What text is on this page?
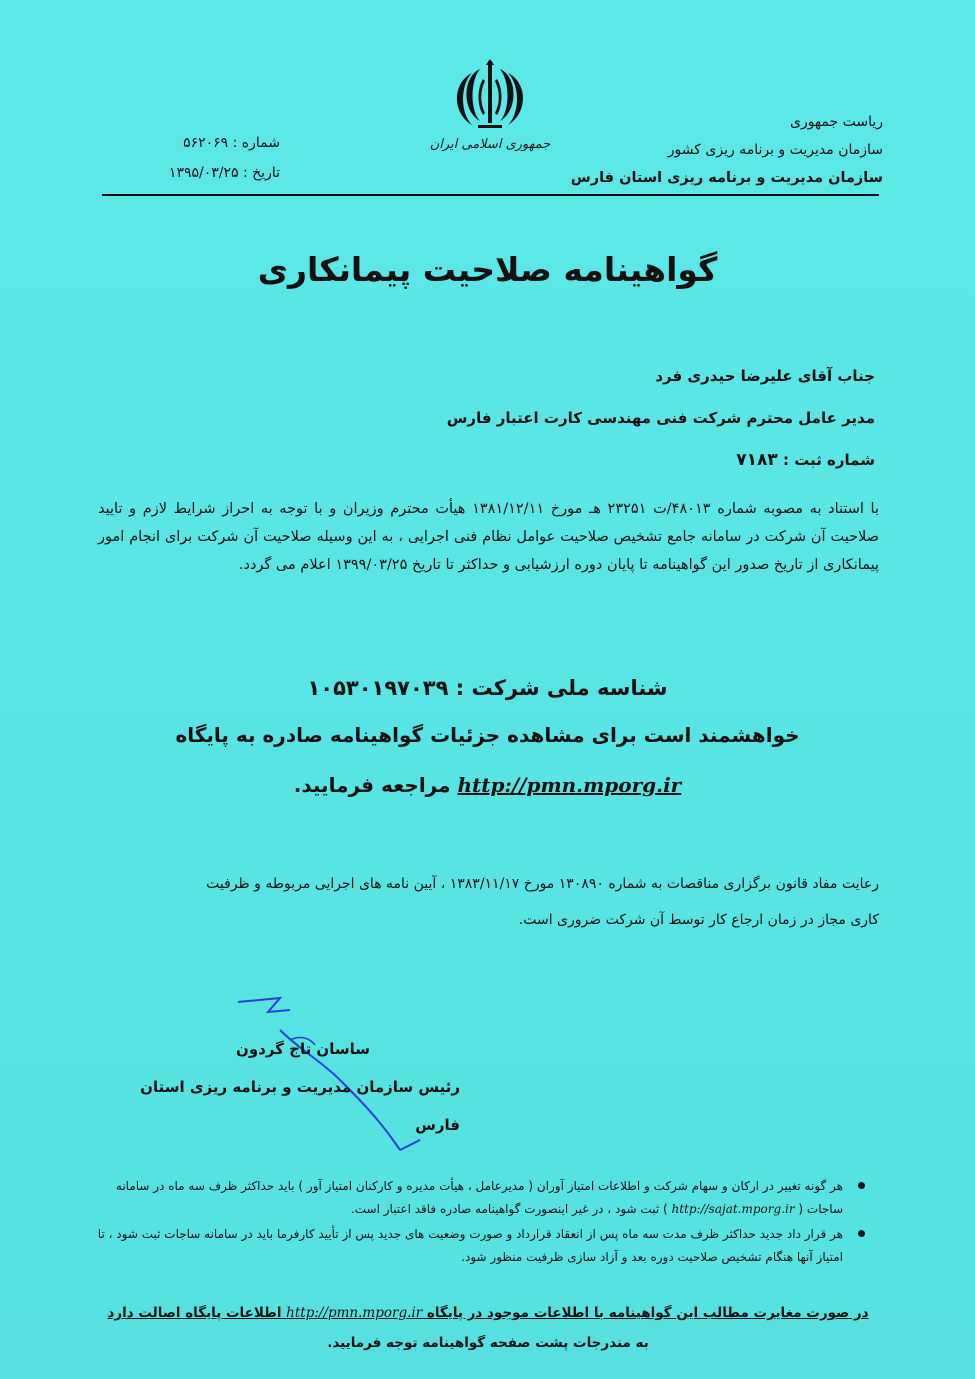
جمهوری اسلامی ایران
ریاست جمهوری
سازمان مدیریت و برنامه ریزی کشور
سازمان مدیریت و برنامه ریزی استان فارس
شماره : ۵۶۲۰۶۹
تاریخ : ۱۳۹۵/۰۳/۲۵
گواهینامه صلاحیت پیمانکاری
جناب آقای علیرضا حیدری فرد
مدیر عامل محترم شرکت فنی مهندسی کارت اعتبار فارس
شماره ثبت : ۷۱۸۳
با استناد به مصوبه شماره ۴۸۰۱۳/ت ۲۳۲۵۱ هـ مورخ ۱۳۸۱/۱۲/۱۱ هیأت محترم وزیران و با توجه به احراز شرایط لازم و تایید صلاحیت آن شرکت در سامانه جامع تشخیص صلاحیت عوامل نظام فنی اجرایی ، به این وسیله صلاحیت آن شرکت برای انجام امور پیمانکاری از تاریخ صدور این گواهینامه تا پایان دوره ارزشیابی و حداکثر تا تاریخ ۱۳۹۹/۰۳/۲۵ اعلام می گردد.
شناسه ملی شرکت : ۱۰۵۳۰۱۹۷۰۳۹
خواهشمند است برای مشاهده جزئیات گواهینامه صادره به پایگاه
http://pmn.mporg.ir مراجعه فرمایید.
رعایت مفاد قانون برگزاری مناقصات به شماره ۱۳۰۸۹۰ مورخ ۱۳۸۳/۱۱/۱۷ ، آیین نامه های اجرایی مربوطه و ظرفیت
کاری مجاز در زمان ارجاع کار توسط آن شرکت ضروری است.
ساسان تاج گردون
رئیس سازمان مدیریت و برنامه ریزی استان فارس
هر گونه تغییر در ارکان و سهام شرکت و اطلاعات امتیاز آوران ( مدیرعامل ، هیأت مدیره و کارکنان امتیاز آور ) باید حداکثر ظرف سه ماه در سامانه ساجات ( http://sajat.mporg.ir ) ثبت شود ، در غیر اینصورت گواهینامه صادره فاقد اعتبار است.
هر قرار داد جدید حداکثر ظرف مدت سه ماه پس از انعقاد قرارداد و صورت وضعیت های جدید پس از تأیید کارفرما باید در سامانه ساجات ثبت شود ، تا امتیاز آنها هنگام تشخیص صلاحیت دوره بعد و آزاد سازی ظرفیت منظور شود.
در صورت مغایرت مطالب این گواهینامه با اطلاعات موجود در پایگاه http://pmn.mporg.ir اطلاعات پایگاه اصالت دارد
به مندرجات پشت صفحه گواهینامه توجه فرمایید.
